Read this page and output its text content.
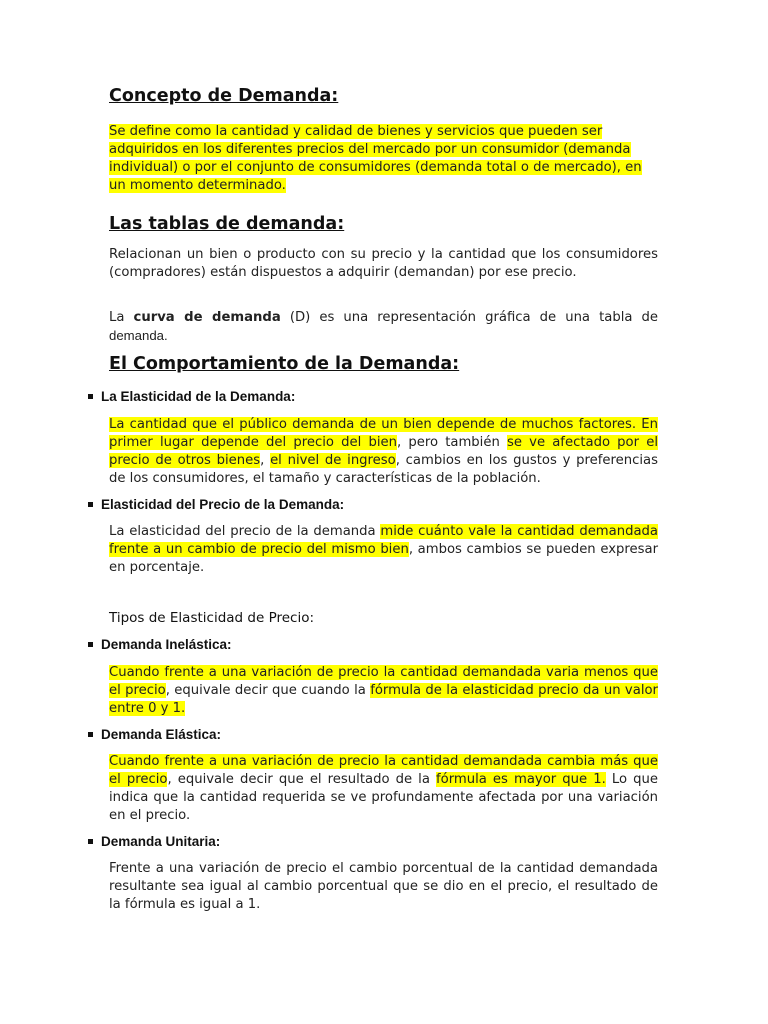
Concepto de Demanda:

Se define como la cantidad y calidad de bienes y servicios que pueden ser adquiridos en los diferentes precios del mercado por un consumidor (demanda individual) o por el conjunto de consumidores (demanda total o de mercado), en un momento determinado.

Las tablas de demanda:

Relacionan un bien o producto con su precio y la cantidad que los consumidores (compradores) están dispuestos a adquirir (demandan) por ese precio.

La curva de demanda (D) es una representación gráfica de una tabla de demanda.

El Comportamiento de la Demanda:
La Elasticidad de la Demanda:

La cantidad que el público demanda de un bien depende de muchos factores. En primer lugar depende del precio del bien, pero también se ve afectado por el precio de otros bienes, el nivel de ingreso, cambios en los gustos y preferencias de los consumidores, el tamaño y características de la población.

Elasticidad del Precio de la Demanda:

La elasticidad del precio de la demanda mide cuánto vale la cantidad demandada frente a un cambio de precio del mismo bien, ambos cambios se pueden expresar en porcentaje.

Tipos de Elasticidad de Precio:
Demanda Inelástica:

Cuando frente a una variación de precio la cantidad demandada varia menos que el precio, equivale decir que cuando la fórmula de la elasticidad precio da un valor entre 0 y 1.

Demanda Elástica:

Cuando frente a una variación de precio la cantidad demandada cambia más que el precio, equivale decir que el resultado de la fórmula es mayor que 1. Lo que indica que la cantidad requerida se ve profundamente afectada por una variación en el precio.

Demanda Unitaria:

Frente a una variación de precio el cambio porcentual de la cantidad demandada resultante sea igual al cambio porcentual que se dio en el precio, el resultado de la fórmula es igual a 1.
